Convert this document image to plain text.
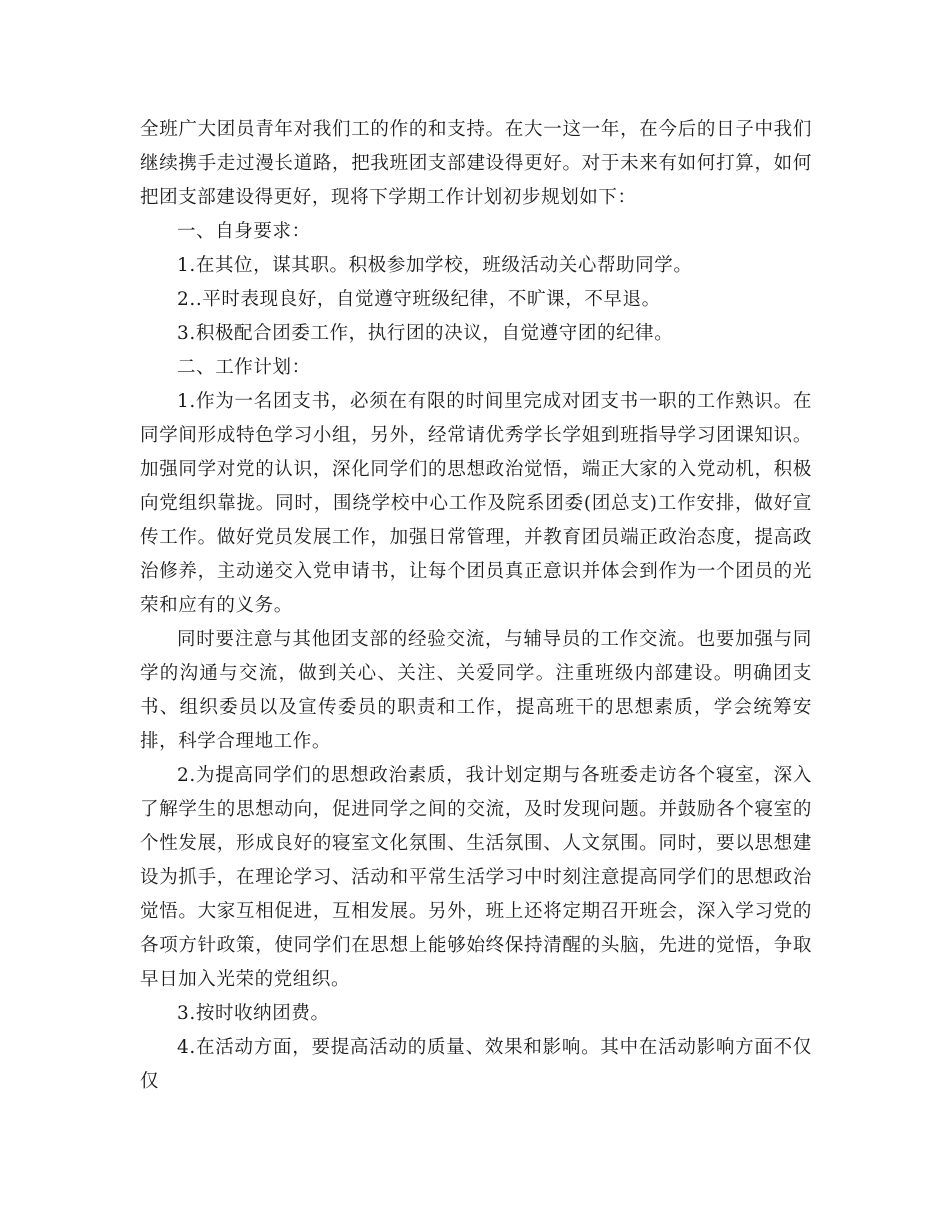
全班广大团员青年对我们工的作的和支持。在大一这一年，在今后的日子中我们继续携手走过漫长道路，把我班团支部建设得更好。对于未来有如何打算，如何把团支部建设得更好，现将下学期工作计划初步规划如下：

一、自身要求：

1.在其位，谋其职。积极参加学校，班级活动关心帮助同学。

2..平时表现良好，自觉遵守班级纪律，不旷课，不早退。

3.积极配合团委工作，执行团的决议，自觉遵守团的纪律。

二、工作计划：

1.作为一名团支书，必须在有限的时间里完成对团支书一职的工作熟识。在同学间形成特色学习小组，另外，经常请优秀学长学姐到班指导学习团课知识。加强同学对党的认识，深化同学们的思想政治觉悟，端正大家的入党动机，积极向党组织靠拢。同时，围绕学校中心工作及院系团委(团总支)工作安排，做好宣传工作。做好党员发展工作，加强日常管理，并教育团员端正政治态度，提高政治修养，主动递交入党申请书，让每个团员真正意识并体会到作为一个团员的光荣和应有的义务。

同时要注意与其他团支部的经验交流，与辅导员的工作交流。也要加强与同学的沟通与交流，做到关心、关注、关爱同学。注重班级内部建设。明确团支书、组织委员以及宣传委员的职责和工作，提高班干的思想素质，学会统筹安排，科学合理地工作。

2.为提高同学们的思想政治素质，我计划定期与各班委走访各个寝室，深入了解学生的思想动向，促进同学之间的交流，及时发现问题。并鼓励各个寝室的个性发展，形成良好的寝室文化氛围、生活氛围、人文氛围。同时，要以思想建设为抓手，在理论学习、活动和平常生活学习中时刻注意提高同学们的思想政治觉悟。大家互相促进，互相发展。另外，班上还将定期召开班会，深入学习党的各项方针政策，使同学们在思想上能够始终保持清醒的头脑，先进的觉悟，争取早日加入光荣的党组织。

3.按时收纳团费。

4.在活动方面，要提高活动的质量、效果和影响。其中在活动影响方面不仅仅
